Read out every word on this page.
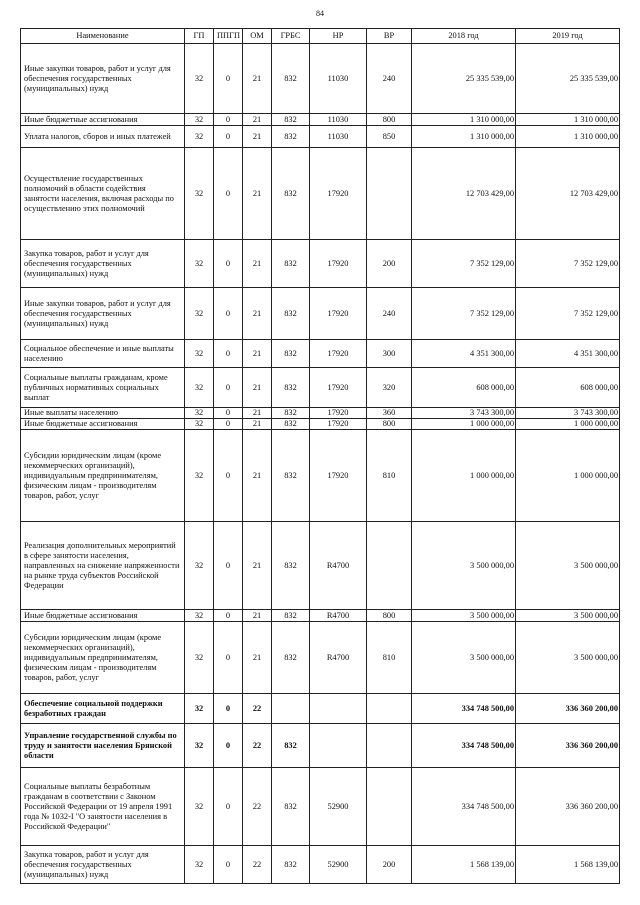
84
Наименование	ГП	ППГП	ОМ	ГРБС	НР	ВР	2018 год	2019 год
Иные закупки товаров, работ и услуг для обеспечения государственных (муниципальных) нужд	32	0	21	832	11030	240	25 335 539,00	25 335 539,00
Иные бюджетные ассигнования	32	0	21	832	11030	800	1 310 000,00	1 310 000,00
Уплата налогов, сборов и иных платежей	32	0	21	832	11030	850	1 310 000,00	1 310 000,00
Осуществление государственных полномочий в области содействия занятости населения, включая расходы по осуществлению этих полномочий	32	0	21	832	17920		12 703 429,00	12 703 429,00
Закупка товаров, работ и услуг для обеспечения государственных (муниципальных) нужд	32	0	21	832	17920	200	7 352 129,00	7 352 129,00
Иные закупки товаров, работ и услуг для обеспечения государственных (муниципальных) нужд	32	0	21	832	17920	240	7 352 129,00	7 352 129,00
Социальное обеспечение и иные выплаты населению	32	0	21	832	17920	300	4 351 300,00	4 351 300,00
Социальные выплаты гражданам, кроме публичных нормативных социальных выплат	32	0	21	832	17920	320	608 000,00	608 000,00
Иные выплаты населению	32	0	21	832	17920	360	3 743 300,00	3 743 300,00
Иные бюджетные ассигнования	32	0	21	832	17920	800	1 000 000,00	1 000 000,00
Субсидии юридическим лицам (кроме некоммерческих организаций), индивидуальным предпринимателям, физическим лицам - производителям товаров, работ, услуг	32	0	21	832	17920	810	1 000 000,00	1 000 000,00
Реализация дополнительных мероприятий в сфере занятости населения, направленных на снижение напряженности на рынке труда субъектов Российской Федерации	32	0	21	832	R4700		3 500 000,00	3 500 000,00
Иные бюджетные ассигнования	32	0	21	832	R4700	800	3 500 000,00	3 500 000,00
Субсидии юридическим лицам (кроме некоммерческих организаций), индивидуальным предпринимателям, физическим лицам - производителям товаров, работ, услуг	32	0	21	832	R4700	810	3 500 000,00	3 500 000,00
Обеспечение социальной поддержки безработных граждан	32	0	22				334 748 500,00	336 360 200,00
Управление государственной службы по труду и занятости населения Брянской области	32	0	22	832			334 748 500,00	336 360 200,00
Социальные выплаты безработным гражданам в соответствии с Законом Российской Федерации от 19 апреля 1991 года № 1032-I "О занятости населения в Российской Федерации"	32	0	22	832	52900		334 748 500,00	336 360 200,00
Закупка товаров, работ и услуг для обеспечения государственных (муниципальных) нужд	32	0	22	832	52900	200	1 568 139,00	1 568 139,00
